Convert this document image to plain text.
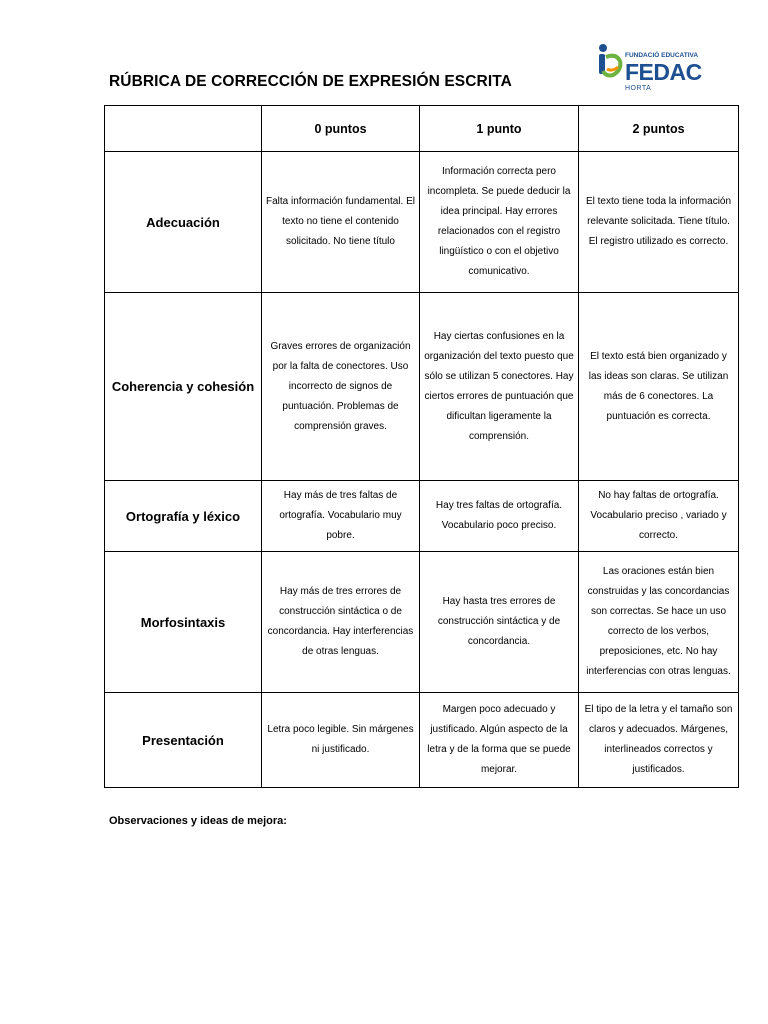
RÚBRICA DE CORRECCIÓN DE EXPRESIÓN ESCRITA
FUNDACIÓ EDUCATIVA
FEDAC
HORTA
	0 puntos	1 punto	2 puntos
Adecuación	Falta información fundamental. El texto no tiene el contenido solicitado. No tiene título	Información correcta pero incompleta. Se puede deducir la idea principal. Hay errores relacionados con el registro lingüístico o con el objetivo comunicativo.	El texto tiene toda la información relevante solicitada. Tiene título. El registro utilizado es correcto.
Coherencia y cohesión	Graves errores de organización por la falta de conectores. Uso incorrecto de signos de puntuación. Problemas de comprensión graves.	Hay ciertas confusiones en la organización del texto puesto que sólo se utilizan 5 conectores. Hay ciertos errores de puntuación que dificultan ligeramente la comprensión.	El texto está bien organizado y las ideas son claras. Se utilizan más de 6 conectores. La puntuación es correcta.
Ortografía y léxico	Hay más de tres faltas de ortografía. Vocabulario muy pobre.	Hay tres faltas de ortografía. Vocabulario poco preciso.	No hay faltas de ortografía. Vocabulario preciso , variado y correcto.
Morfosintaxis	Hay más de tres errores de construcción sintáctica o de concordancia. Hay interferencias de otras lenguas.	Hay hasta tres errores de construcción sintáctica y de concordancia.	Las oraciones están bien construidas y las concordancias son correctas. Se hace un uso correcto de los verbos, preposiciones, etc. No hay interferencias con otras lenguas.
Presentación	Letra poco legible. Sin márgenes ni justificado.	Margen poco adecuado y justificado. Algún aspecto de la letra y de la forma que se puede mejorar.	El tipo de la letra y el tamaño son claros y adecuados. Márgenes, interlineados correctos y justificados.
Observaciones y ideas de mejora:
